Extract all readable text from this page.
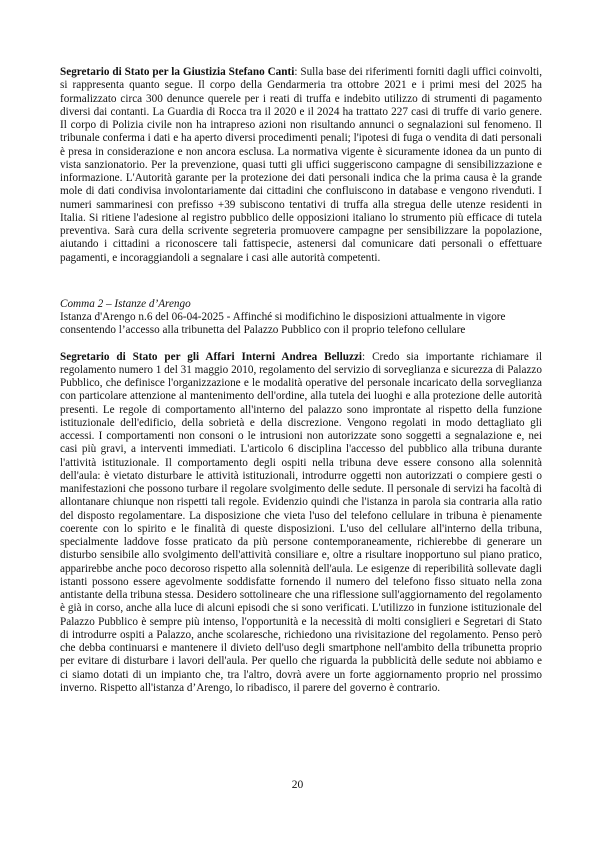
Segretario di Stato per la Giustizia Stefano Canti: Sulla base dei riferimenti forniti dagli uffici coinvolti, si rappresenta quanto segue. Il corpo della Gendarmeria tra ottobre 2021 e i primi mesi del 2025 ha formalizzato circa 300 denunce querele per i reati di truffa e indebito utilizzo di strumenti di pagamento diversi dai contanti. La Guardia di Rocca tra il 2020 e il 2024 ha trattato 227 casi di truffe di vario genere. Il corpo di Polizia civile non ha intrapreso azioni non risultando annunci o segnalazioni sul fenomeno. Il tribunale conferma i dati e ha aperto diversi procedimenti penali; l'ipotesi di fuga o vendita di dati personali è presa in considerazione e non ancora esclusa. La normativa vigente è sicuramente idonea da un punto di vista sanzionatorio. Per la prevenzione, quasi tutti gli uffici suggeriscono campagne di sensibilizzazione e informazione. L'Autorità garante per la protezione dei dati personali indica che la prima causa è la grande mole di dati condivisa involontariamente dai cittadini che confluiscono in database e vengono rivenduti. I numeri sammarinesi con prefisso +39 subiscono tentativi di truffa alla stregua delle utenze residenti in Italia. Si ritiene l'adesione al registro pubblico delle opposizioni italiano lo strumento più efficace di tutela preventiva. Sarà cura della scrivente segreteria promuovere campagne per sensibilizzare la popolazione, aiutando i cittadini a riconoscere tali fattispecie, astenersi dal comunicare dati personali o effettuare pagamenti, e incoraggiandoli a segnalare i casi alle autorità competenti.

Comma 2 – Istanze d’Arengo

Istanza d'Arengo n.6 del 06-04-2025 - Affinché si modifichino le disposizioni attualmente in vigore consentendo l’accesso alla tribunetta del Palazzo Pubblico con il proprio telefono cellulare

Segretario di Stato per gli Affari Interni Andrea Belluzzi: Credo sia importante richiamare il regolamento numero 1 del 31 maggio 2010, regolamento del servizio di sorveglianza e sicurezza di Palazzo Pubblico, che definisce l'organizzazione e le modalità operative del personale incaricato della sorveglianza con particolare attenzione al mantenimento dell'ordine, alla tutela dei luoghi e alla protezione delle autorità presenti. Le regole di comportamento all'interno del palazzo sono improntate al rispetto della funzione istituzionale dell'edificio, della sobrietà e della discrezione. Vengono regolati in modo dettagliato gli accessi. I comportamenti non consoni o le intrusioni non autorizzate sono soggetti a segnalazione e, nei casi più gravi, a interventi immediati. L'articolo 6 disciplina l'accesso del pubblico alla tribuna durante l'attività istituzionale. Il comportamento degli ospiti nella tribuna deve essere consono alla solennità dell'aula: è vietato disturbare le attività istituzionali, introdurre oggetti non autorizzati o compiere gesti o manifestazioni che possono turbare il regolare svolgimento delle sedute. Il personale di servizi ha facoltà di allontanare chiunque non rispetti tali regole. Evidenzio quindi che l'istanza in parola sia contraria alla ratio del disposto regolamentare. La disposizione che vieta l'uso del telefono cellulare in tribuna è pienamente coerente con lo spirito e le finalità di queste disposizioni. L'uso del cellulare all'interno della tribuna, specialmente laddove fosse praticato da più persone contemporaneamente, richierebbe di generare un disturbo sensibile allo svolgimento dell'attività consiliare e, oltre a risultare inopportuno sul piano pratico, apparirebbe anche poco decoroso rispetto alla solennità dell'aula. Le esigenze di reperibilità sollevate dagli istanti possono essere agevolmente soddisfatte fornendo il numero del telefono fisso situato nella zona antistante della tribuna stessa. Desidero sottolineare che una riflessione sull'aggiornamento del regolamento è già in corso, anche alla luce di alcuni episodi che si sono verificati. L'utilizzo in funzione istituzionale del Palazzo Pubblico è sempre più intenso, l'opportunità e la necessità di molti consiglieri e Segretari di Stato di introdurre ospiti a Palazzo, anche scolaresche, richiedono una rivisitazione del regolamento. Penso però che debba continuarsi e mantenere il divieto dell'uso degli smartphone nell'ambito della tribunetta proprio per evitare di disturbare i lavori dell'aula. Per quello che riguarda la pubblicità delle sedute noi abbiamo e ci siamo dotati di un impianto che, tra l'altro, dovrà avere un forte aggiornamento proprio nel prossimo inverno. Rispetto all'istanza d’Arengo, lo ribadisco, il parere del governo è contrario.

20
